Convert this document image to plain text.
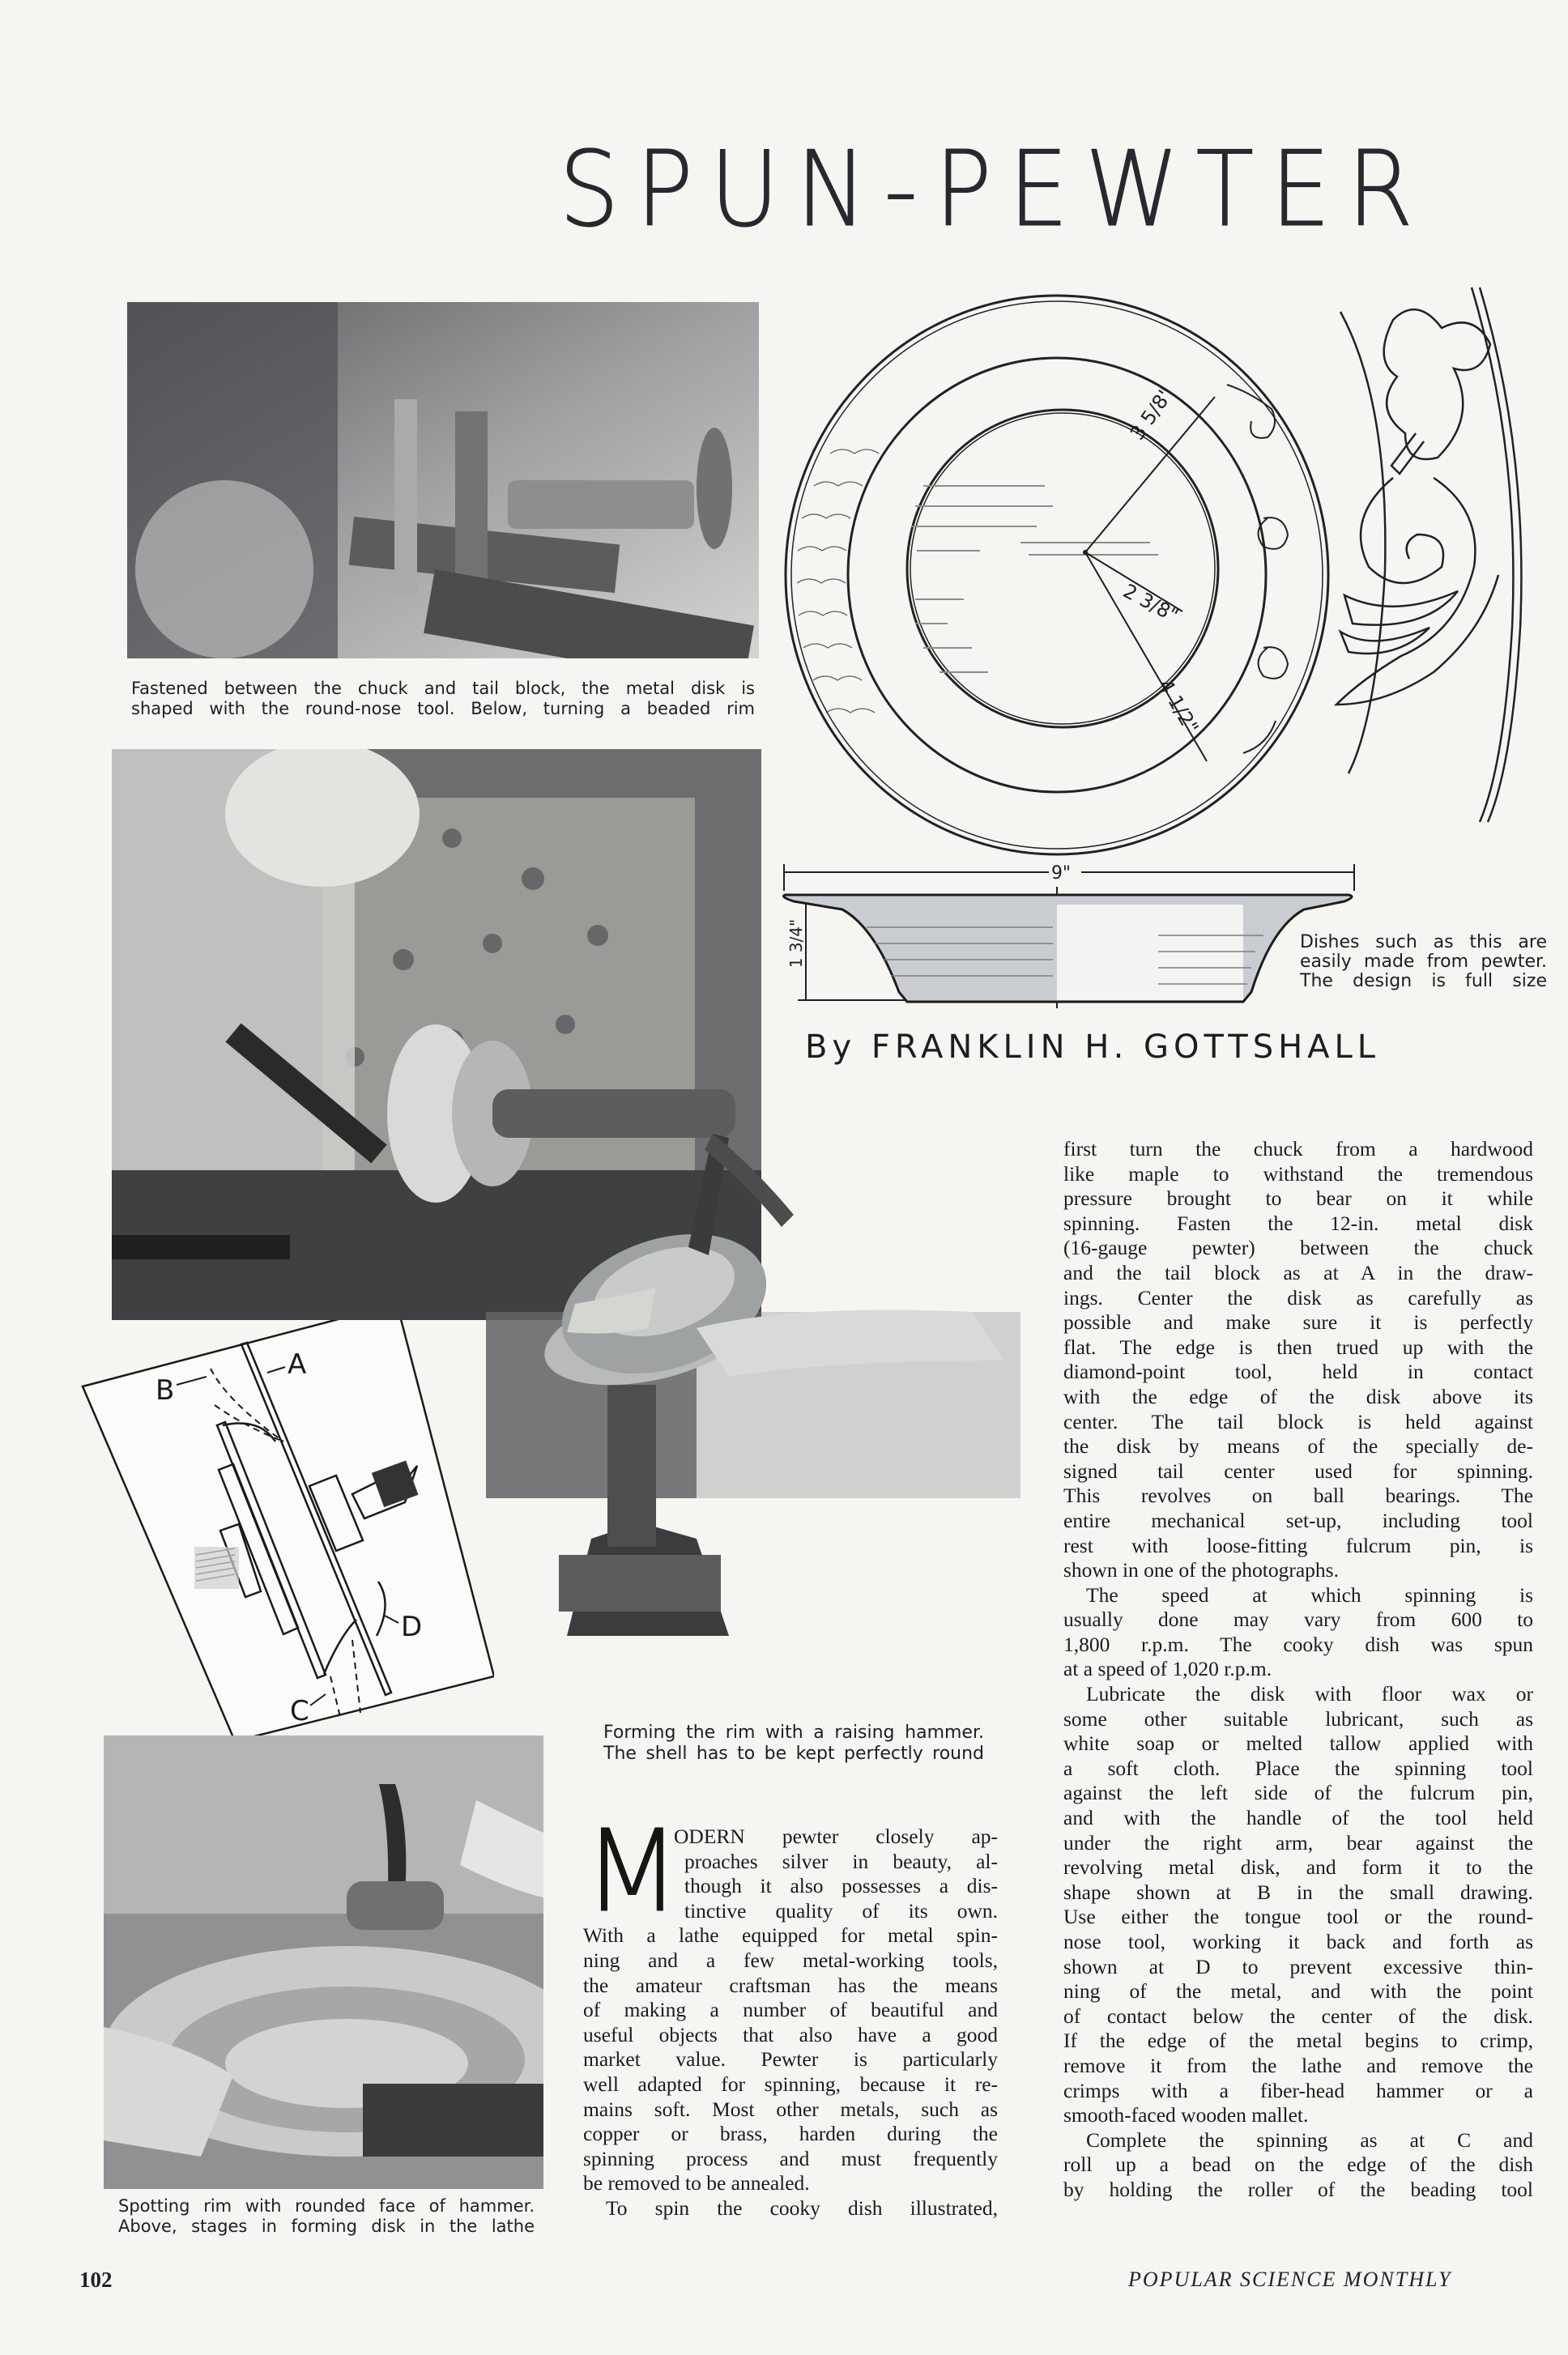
SPUN-PEWTER
Fastened between the chuck and tail block, the metal disk is
shaped with the round-nose tool. Below, turning a beaded rim
3 5/8"
2 3/8"
4 1/2"
9"
1 3/4"	Dishes such as this are
easily made from pewter.
The design is full size
By FRANKLIN H. GOTTSHALL
B
A
C
D
Forming the rim with a raising hammer.
The shell has to be kept perfectly round
Spotting rim with rounded face of hammer.
Above, stages in forming disk in the lathe
M
ODERN pewter closely ap-
proaches silver in beauty, al-
though it also possesses a dis-
tinctive quality of its own.
With a lathe equipped for metal spin-
ning and a few metal-working tools,
the amateur craftsman has the means
of making a number of beautiful and
useful objects that also have a good
market value. Pewter is particularly
well adapted for spinning, because it re-
mains soft. Most other metals, such as
copper or brass, harden during the
spinning process and must frequently
be removed to be annealed.
To spin the cooky dish illustrated,
first turn the chuck from a hardwood
like maple to withstand the tremendous
pressure brought to bear on it while
spinning. Fasten the 12-in. metal disk
(16-gauge pewter) between the chuck
and the tail block as at A in the draw-
ings. Center the disk as carefully as
possible and make sure it is perfectly
flat. The edge is then trued up with the
diamond-point tool, held in contact
with the edge of the disk above its
center. The tail block is held against
the disk by means of the specially de-
signed tail center used for spinning.
This revolves on ball bearings. The
entire mechanical set-up, including tool
rest with loose-fitting fulcrum pin, is
shown in one of the photographs.
The speed at which spinning is
usually done may vary from 600 to
1,800 r.p.m. The cooky dish was spun
at a speed of 1,020 r.p.m.
Lubricate the disk with floor wax or
some other suitable lubricant, such as
white soap or melted tallow applied with
a soft cloth. Place the spinning tool
against the left side of the fulcrum pin,
and with the handle of the tool held
under the right arm, bear against the
revolving metal disk, and form it to the
shape shown at B in the small drawing.
Use either the tongue tool or the round-
nose tool, working it back and forth as
shown at D to prevent excessive thin-
ning of the metal, and with the point
of contact below the center of the disk.
If the edge of the metal begins to crimp,
remove it from the lathe and remove the
crimps with a fiber-head hammer or a
smooth-faced wooden mallet.
Complete the spinning as at C and
roll up a bead on the edge of the dish
by holding the roller of the beading tool
102	POPULAR SCIENCE MONTHLY
